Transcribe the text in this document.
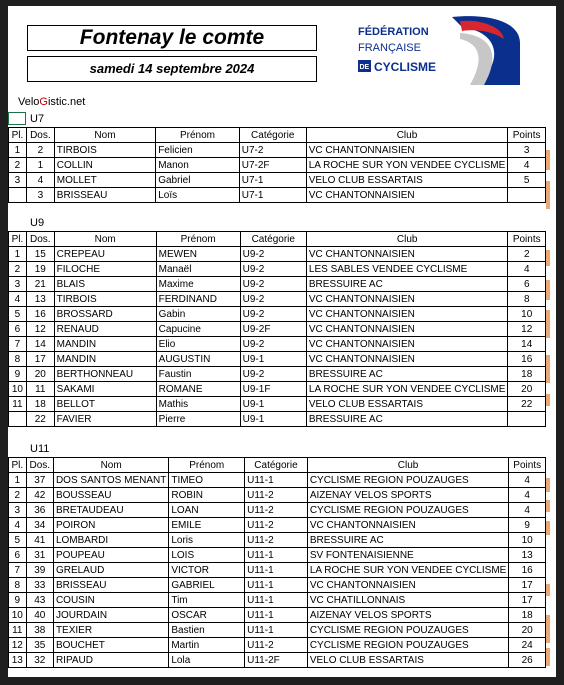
Fontenay le comte
samedi 14 septembre 2024
FÉDÉRATION
FRANÇAISE
DE CYCLISME
VeloGistic.net
U7
Pl.	Dos.	Nom	Prénom	Catégorie	Club	Points
1	2	TIRBOIS	Felicien	U7-2	VC CHANTONNAISIEN	3
2	1	COLLIN	Manon	U7-2F	LA ROCHE SUR YON VENDEE CYCLISME	4
3	4	MOLLET	Gabriel	U7-1	VELO CLUB ESSARTAIS	5
	3	BRISSEAU	Loïs	U7-1	VC CHANTONNAISIEN	
U9
Pl.	Dos.	Nom	Prénom	Catégorie	Club	Points
1	15	CREPEAU	MEWEN	U9-2	VC CHANTONNAISIEN	2
2	19	FILOCHE	Manaël	U9-2	LES SABLES VENDEE CYCLISME	4
3	21	BLAIS	Maxime	U9-2	BRESSUIRE AC	6
4	13	TIRBOIS	FERDINAND	U9-2	VC CHANTONNAISIEN	8
5	16	BROSSARD	Gabin	U9-2	VC CHANTONNAISIEN	10
6	12	RENAUD	Capucine	U9-2F	VC CHANTONNAISIEN	12
7	14	MANDIN	Elio	U9-2	VC CHANTONNAISIEN	14
8	17	MANDIN	AUGUSTIN	U9-1	VC CHANTONNAISIEN	16
9	20	BERTHONNEAU	Faustin	U9-2	BRESSUIRE AC	18
10	11	SAKAMI	ROMANE	U9-1F	LA ROCHE SUR YON VENDEE CYCLISME	20
11	18	BELLOT	Mathis	U9-1	VELO CLUB ESSARTAIS	22
	22	FAVIER	Pierre	U9-1	BRESSUIRE AC	
U11
Pl.	Dos.	Nom	Prénom	Catégorie	Club	Points
1	37	DOS SANTOS MENANT	TIMEO	U11-1	CYCLISME REGION POUZAUGES	4
2	42	BOUSSEAU	ROBIN	U11-2	AIZENAY VELOS SPORTS	4
3	36	BRETAUDEAU	LOAN	U11-2	CYCLISME REGION POUZAUGES	4
4	34	POIRON	EMILE	U11-2	VC CHANTONNAISIEN	9
5	41	LOMBARDI	Loris	U11-2	BRESSUIRE AC	10
6	31	POUPEAU	LOIS	U11-1	SV FONTENAISIENNE	13
7	39	GRELAUD	VICTOR	U11-1	LA ROCHE SUR YON VENDEE CYCLISME	16
8	33	BRISSEAU	GABRIEL	U11-1	VC CHANTONNAISIEN	17
9	43	COUSIN	Tim	U11-1	VC CHATILLONNAIS	17
10	40	JOURDAIN	OSCAR	U11-1	AIZENAY VELOS SPORTS	18
11	38	TEXIER	Bastien	U11-1	CYCLISME REGION POUZAUGES	20
12	35	BOUCHET	Martin	U11-2	CYCLISME REGION POUZAUGES	24
13	32	RIPAUD	Lola	U11-2F	VELO CLUB ESSARTAIS	26
